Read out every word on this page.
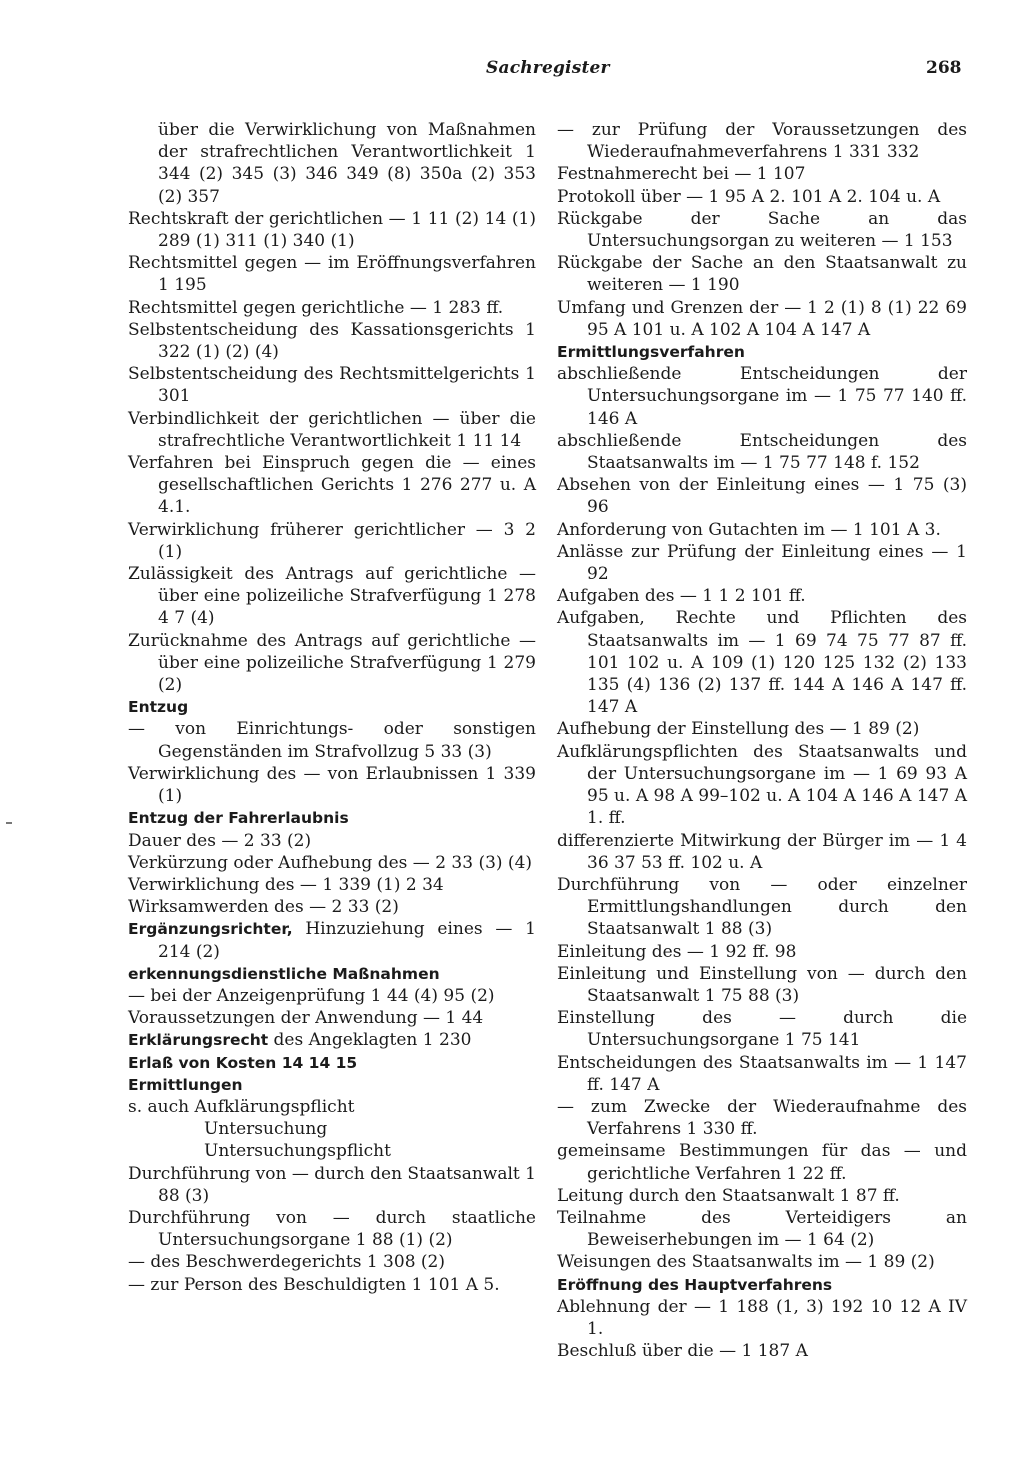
Sachregister	268

über die Verwirklichung von Maßnahmen der strafrechtlichen Verantwortlichkeit 1 344 (2) 345 (3) 346 349 (8) 350a (2) 353 (2) 357

Rechtskraft der gerichtlichen — 1 11 (2) 14 (1) 289 (1) 311 (1) 340 (1)

Rechtsmittel gegen — im Eröffnungsverfahren 1 195

Rechtsmittel gegen gerichtliche — 1 283 ff.

Selbstentscheidung des Kassationsgerichts 1 322 (1) (2) (4)

Selbstentscheidung des Rechtsmittelgerichts 1 301

Verbindlichkeit der gerichtlichen — über die strafrechtliche Verantwortlichkeit 1 11 14

Verfahren bei Einspruch gegen die — eines gesellschaftlichen Gerichts 1 276 277 u. A 4.1.

Verwirklichung früherer gerichtlicher — 3 2 (1)

Zulässigkeit des Antrags auf gerichtliche — über eine polizeiliche Strafverfügung 1 278 4 7 (4)

Zurücknahme des Antrags auf gerichtliche — über eine polizeiliche Strafverfügung 1 279 (2)

Entzug

— von Einrichtungs- oder sonstigen Gegenständen im Strafvollzug 5 33 (3)

Verwirklichung des — von Erlaubnissen 1 339 (1)

Entzug der Fahrerlaubnis

Dauer des — 2 33 (2)

Verkürzung oder Aufhebung des — 2 33 (3) (4)

Verwirklichung des — 1 339 (1) 2 34

Wirksamwerden des — 2 33 (2)

Ergänzungsrichter, Hinzuziehung eines — 1 214 (2)

erkennungsdienstliche Maßnahmen

— bei der Anzeigenprüfung 1 44 (4) 95 (2)

Voraussetzungen der Anwendung — 1 44

Erklärungsrecht des Angeklagten 1 230

Erlaß von Kosten 14 14 15

Ermittlungen

s. auch Aufklärungspflicht

Untersuchung

Untersuchungspflicht

Durchführung von — durch den Staatsanwalt 1 88 (3)

Durchführung von — durch staatliche Untersuchungsorgane 1 88 (1) (2)

— des Beschwerdegerichts 1 308 (2)

— zur Person des Beschuldigten 1 101 A 5.

— zur Prüfung der Voraussetzungen des Wiederaufnahmeverfahrens 1 331 332

Festnahmerecht bei — 1 107

Protokoll über — 1 95 A 2. 101 A 2. 104 u. A

Rückgabe der Sache an das Untersuchungsorgan zu weiteren — 1 153

Rückgabe der Sache an den Staatsanwalt zu weiteren — 1 190

Umfang und Grenzen der — 1 2 (1) 8 (1) 22 69 95 A 101 u. A 102 A 104 A 147 A

Ermittlungsverfahren

abschließende Entscheidungen der Untersuchungsorgane im — 1 75 77 140 ff. 146 A

abschließende Entscheidungen des Staatsanwalts im — 1 75 77 148 f. 152

Absehen von der Einleitung eines — 1 75 (3) 96

Anforderung von Gutachten im — 1 101 A 3.

Anlässe zur Prüfung der Einleitung eines — 1 92

Aufgaben des — 1 1 2 101 ff.

Aufgaben, Rechte und Pflichten des Staatsanwalts im — 1 69 74 75 77 87 ff. 101 102 u. A 109 (1) 120 125 132 (2) 133 135 (4) 136 (2) 137 ff. 144 A 146 A 147 ff. 147 A

Aufhebung der Einstellung des — 1 89 (2)

Aufklärungspflichten des Staatsanwalts und der Untersuchungsorgane im — 1 69 93 A 95 u. A 98 A 99–102 u. A 104 A 146 A 147 A 1. ff.

differenzierte Mitwirkung der Bürger im — 1 4 36 37 53 ff. 102 u. A

Durchführung von — oder einzelner Ermittlungshandlungen durch den Staatsanwalt 1 88 (3)

Einleitung des — 1 92 ff. 98

Einleitung und Einstellung von — durch den Staatsanwalt 1 75 88 (3)

Einstellung des — durch die Untersuchungsorgane 1 75 141

Entscheidungen des Staatsanwalts im — 1 147 ff. 147 A

— zum Zwecke der Wiederaufnahme des Verfahrens 1 330 ff.

gemeinsame Bestimmungen für das — und gerichtliche Verfahren 1 22 ff.

Leitung durch den Staatsanwalt 1 87 ff.

Teilnahme des Verteidigers an Beweiserhebungen im — 1 64 (2)

Weisungen des Staatsanwalts im — 1 89 (2)

Eröffnung des Hauptverfahrens

Ablehnung der — 1 188 (1, 3) 192 10 12 A IV 1.

Beschluß über die — 1 187 A
